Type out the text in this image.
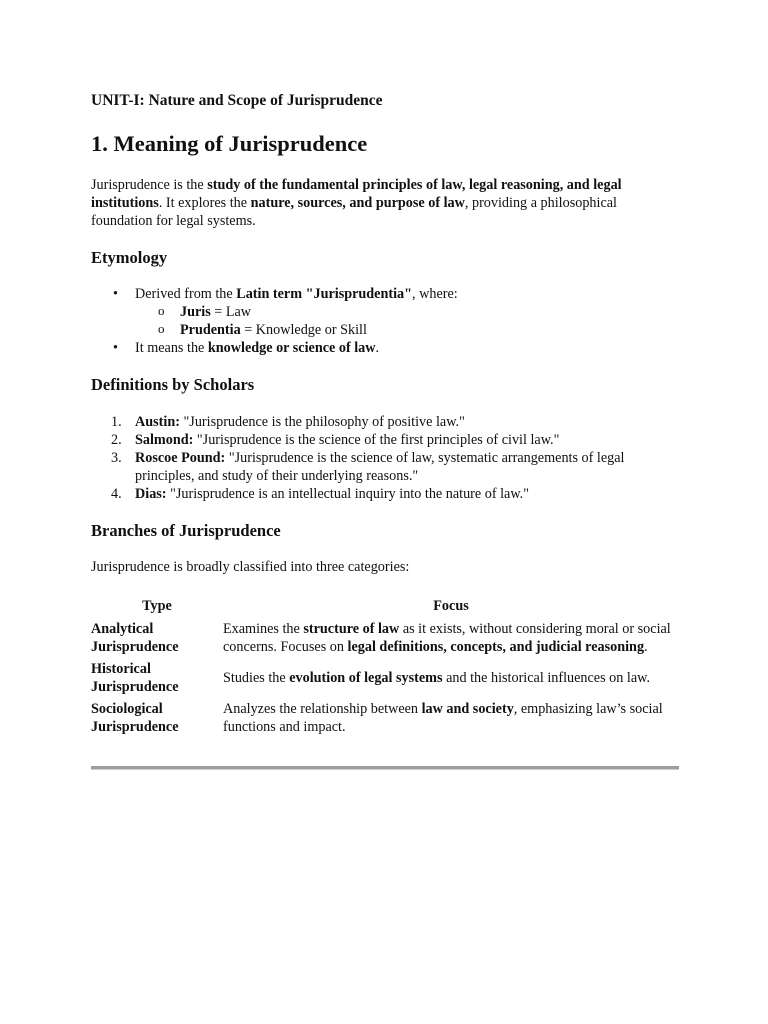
UNIT-I: Nature and Scope of Jurisprudence

1. Meaning of Jurisprudence

Jurisprudence is the study of the fundamental principles of law, legal reasoning, and legal institutions. It explores the nature, sources, and purpose of law, providing a philosophical foundation for legal systems.

Etymology
• Derived from the Latin term "Jurisprudentia", where:
o Juris = Law
o Prudentia = Knowledge or Skill
• It means the knowledge or science of law.
Definitions by Scholars
1. Austin: "Jurisprudence is the philosophy of positive law."
2. Salmond: "Jurisprudence is the science of the first principles of civil law."
3. Roscoe Pound: "Jurisprudence is the science of law, systematic arrangements of legal principles, and study of their underlying reasons."
4. Dias: "Jurisprudence is an intellectual inquiry into the nature of law."
Branches of Jurisprudence

Jurisprudence is broadly classified into three categories:

Type	Focus
Analytical
Jurisprudence	Examines the structure of law as it exists, without considering moral or social concerns. Focuses on legal definitions, concepts, and judicial reasoning.
Historical
Jurisprudence	Studies the evolution of legal systems and the historical influences on law.
Sociological
Jurisprudence	Analyzes the relationship between law and society, emphasizing law’s social functions and impact.
